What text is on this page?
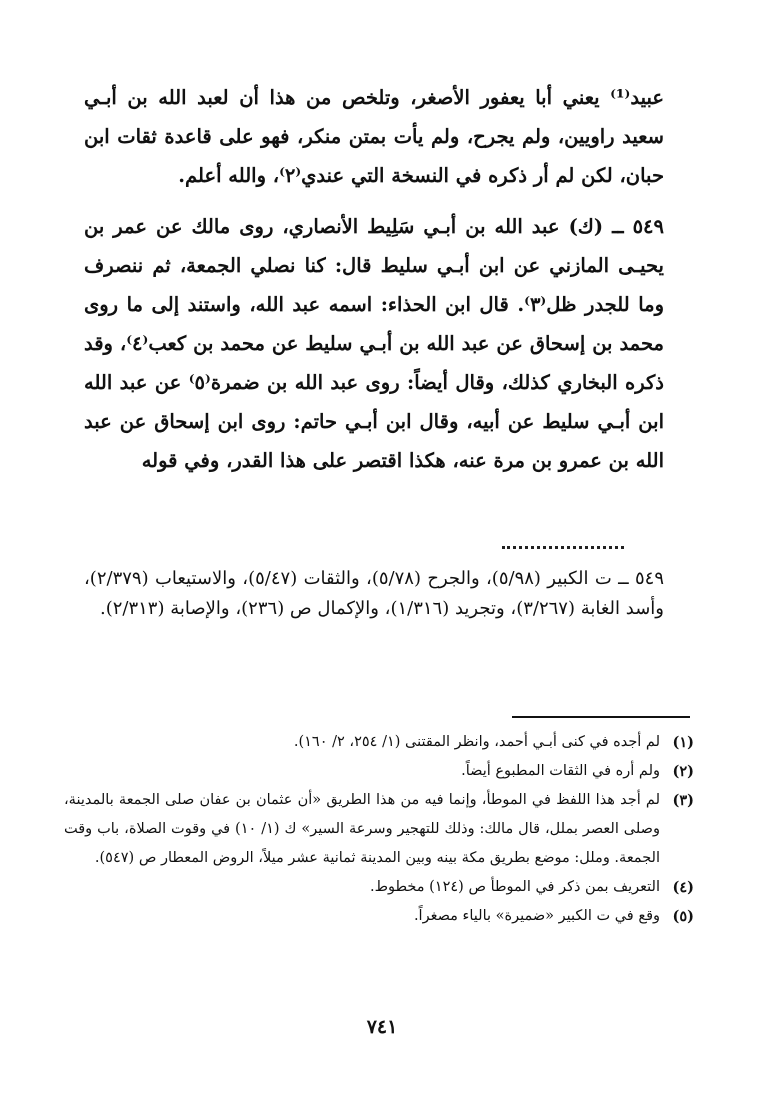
عبيد⁽¹⁾ يعني أبا يعفور الأصغر، وتلخص من هذا أن لعبد الله بن أبـي سعيد راويين، ولم يجرح، ولم يأت بمتن منكر، فهو على قاعدة ثقات ابن حبان، لكن لم أر ذكره في النسخة التي عندي⁽٢⁾، والله أعلم.

٥٤٩ ــ (ك) عبد الله بن أبـي سَلِيط الأنصاري، روى مالك عن عمر بن يحيـى المازني عن ابن أبـي سليط قال: كنا نصلي الجمعة، ثم ننصرف وما للجدر ظل⁽٣⁾. قال ابن الحذاء: اسمه عبد الله، واستند إلى ما روى محمد بن إسحاق عن عبد الله بن أبـي سليط عن محمد بن كعب⁽٤⁾، وقد ذكره البخاري كذلك، وقال أيضاً: روى عبد الله بن ضمرة⁽٥⁾ عن عبد الله ابن أبـي سليط عن أبيه، وقال ابن أبـي حاتم: روى ابن إسحاق عن عبد الله بن عمرو بن مرة عنه، هكذا اقتصر على هذا القدر، وفي قوله

٥٤٩ ــ ت الكبير (٥/٩٨)، والجرح (٥/٧٨)، والثقات (٥/٤٧)، والاستيعاب (٢/٣٧٩)، وأسد الغابة (٣/٢٦٧)، وتجريد (١/٣١٦)، والإكمال ص (٢٣٦)، والإصابة (٢/٣١٣).
(١)
لم أجده في كنى أبـي أحمد، وانظر المقتنى (١/ ٢٥٤، ٢/ ١٦٠).
(٢)
ولم أره في الثقات المطبوع أيضاً.
(٣)
لم أجد هذا اللفظ في الموطأ، وإنما فيه من هذا الطريق «أن عثمان بن عفان صلى الجمعة بالمدينة، وصلى العصر بملل، قال مالك: وذلك للتهجير وسرعة السير» ك (١/ ١٠) في وقوت الصلاة، باب وقت الجمعة. وملل: موضع بطريق مكة بينه وبين المدينة ثمانية عشر ميلاً، الروض المعطار ص (٥٤٧).
(٤)
التعريف بمن ذكر في الموطأ ص (١٢٤) مخطوط.
(٥)
وقع في ت الكبير «ضميرة» بالياء مصغراً.
٧٤١
